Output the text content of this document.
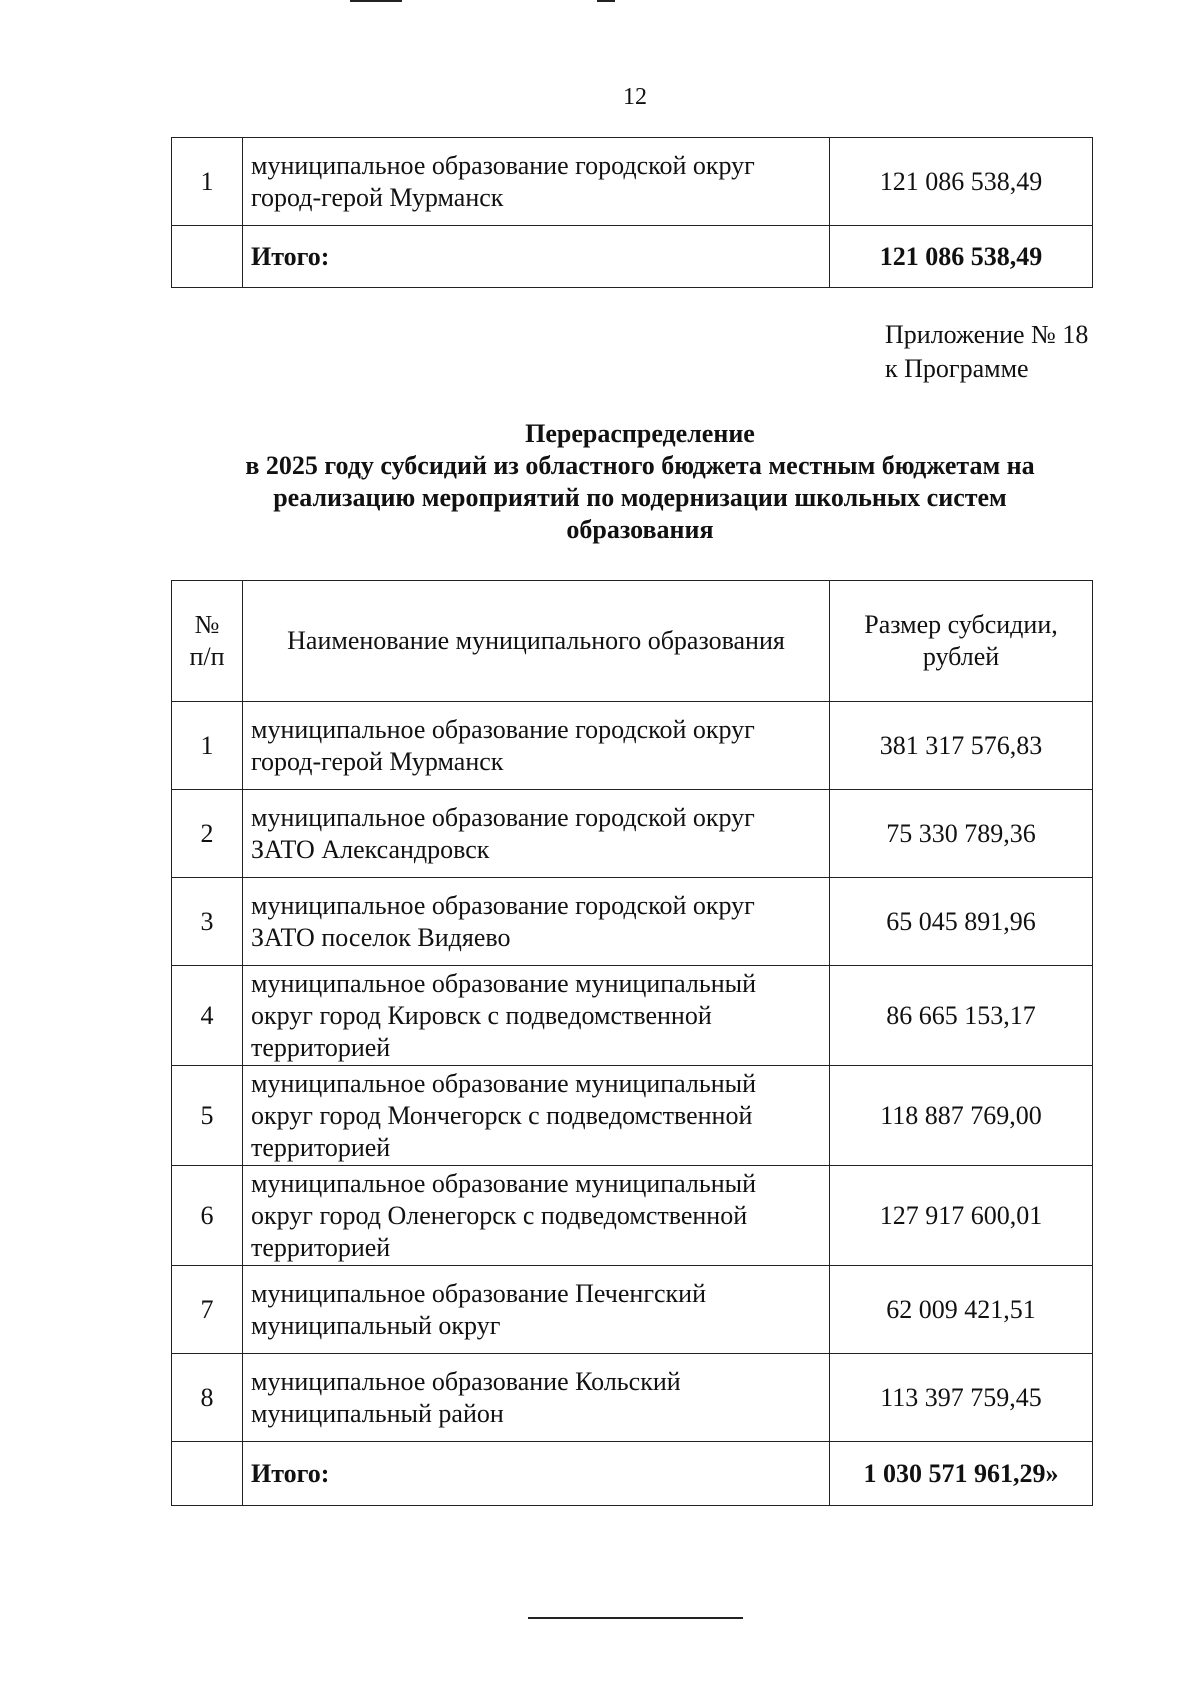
12
1	муниципальное образование городской округ город-герой Мурманск	121 086 538,49
	Итого:	121 086 538,49
Приложение № 18
к Программе
Перераспределение
в 2025 году субсидий из областного бюджета местным бюджетам на
реализацию мероприятий по модернизации школьных систем
образования
№ п/п	Наименование муниципального образования	Размер субсидии, рублей
1	муниципальное образование городской округ город-герой Мурманск	381 317 576,83
2	муниципальное образование городской округ ЗАТО Александровск	75 330 789,36
3	муниципальное образование городской округ ЗАТО поселок Видяево	65 045 891,96
4	муниципальное образование муниципальный округ город Кировск с подведомственной территорией	86 665 153,17
5	муниципальное образование муниципальный округ город Мончегорск с подведомственной территорией	118 887 769,00
6	муниципальное образование муниципальный округ город Оленегорск с подведомственной территорией	127 917 600,01
7	муниципальное образование Печенгский муниципальный округ	62 009 421,51
8	муниципальное образование Кольский муниципальный район	113 397 759,45
	Итого:	1 030 571 961,29»
